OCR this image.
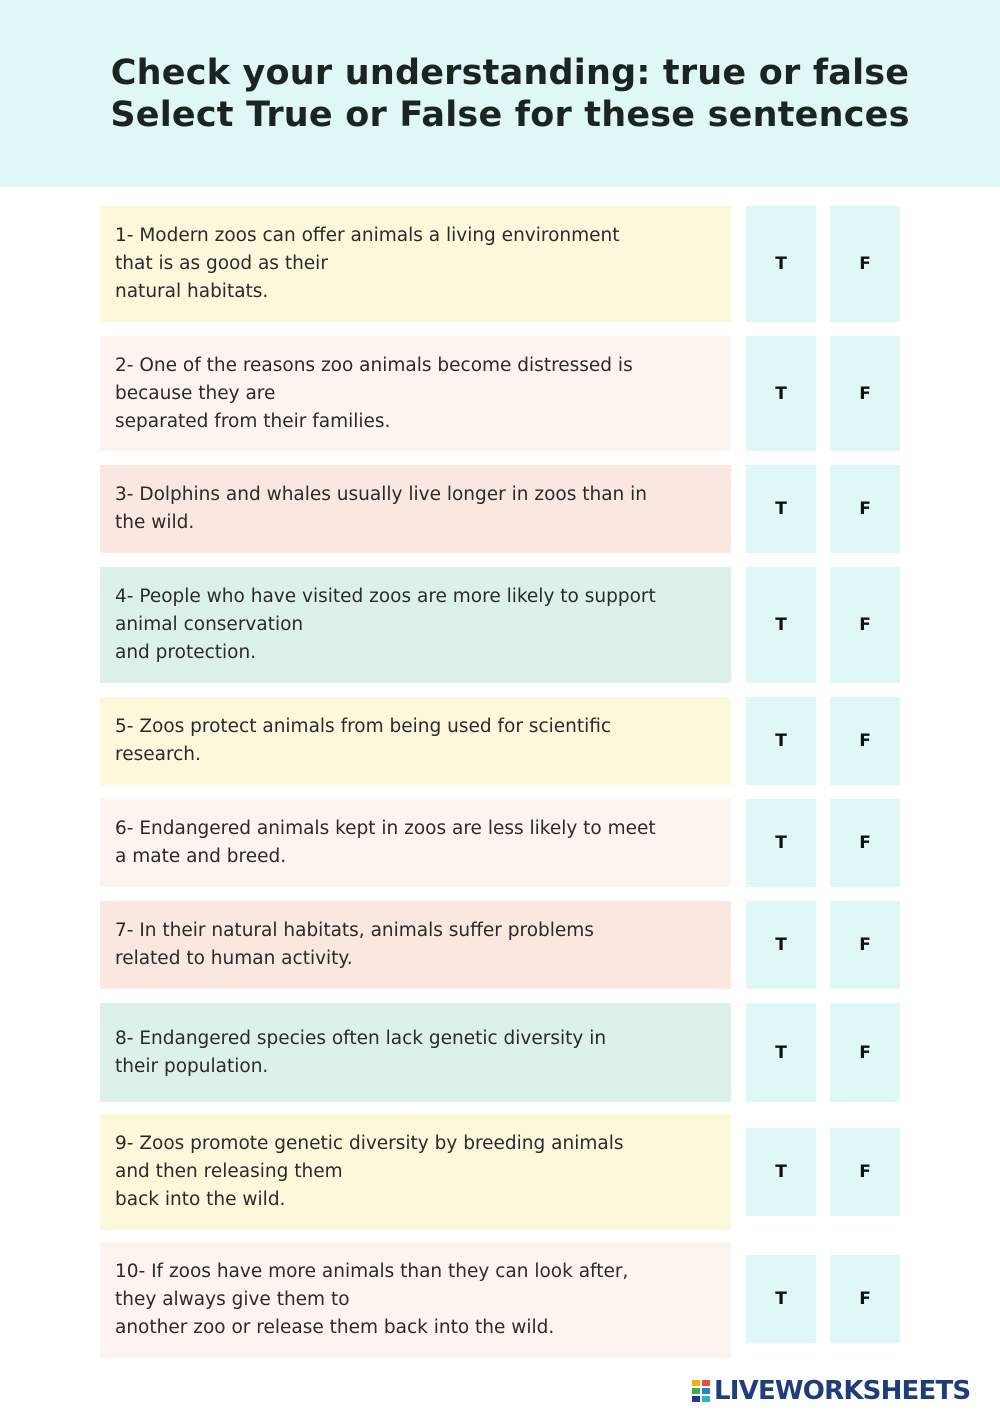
Check your understanding: true or false
Select True or False for these sentences
1- Modern zoos can offer animals a living environment
that is as good as their
natural habitats.
T	F
2- One of the reasons zoo animals become distressed is
because they are
separated from their families.
T	F
3- Dolphins and whales usually live longer in zoos than in
the wild.
T	F
4- People who have visited zoos are more likely to support
animal conservation
and protection.
T	F
5- Zoos protect animals from being used for scientific
research.
T	F
6- Endangered animals kept in zoos are less likely to meet
a mate and breed.
T	F
7- In their natural habitats, animals suffer problems
related to human activity.
T	F
8- Endangered species often lack genetic diversity in
their population.
T	F
9- Zoos promote genetic diversity by breeding animals
and then releasing them
back into the wild.
T	F
10- If zoos have more animals than they can look after,
they always give them to
another zoo or release them back into the wild.
T	F
LIVEWORKSHEETS
